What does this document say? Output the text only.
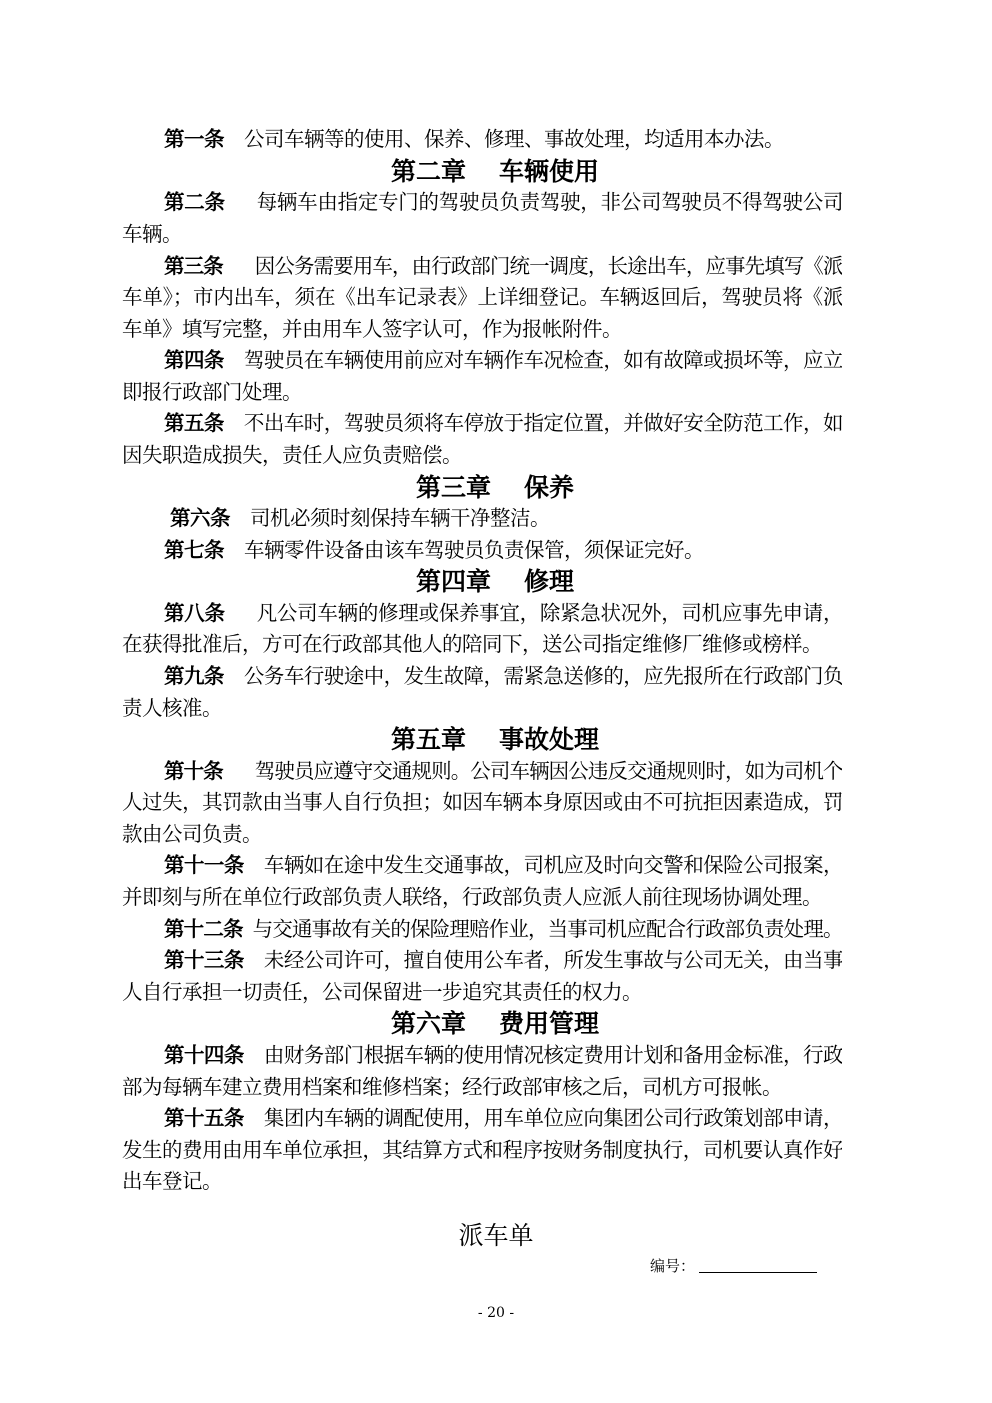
第一条 公司车辆等的使用、保养、修理、事故处理，均适用本办法。
第二章 车辆使用
第二条 每辆车由指定专门的驾驶员负责驾驶，非公司驾驶员不得驾驶公司
车辆。
第三条 因公务需要用车，由行政部门统一调度，长途出车，应事先填写《派
车单》；市内出车，须在《出车记录表》上详细登记。车辆返回后，驾驶员将《派
车单》填写完整，并由用车人签字认可，作为报帐附件。
第四条 驾驶员在车辆使用前应对车辆作车况检查，如有故障或损坏等，应立
即报行政部门处理。
第五条 不出车时，驾驶员须将车停放于指定位置，并做好安全防范工作，如
因失职造成损失，责任人应负责赔偿。
第三章 保养
第六条 司机必须时刻保持车辆干净整洁。
第七条 车辆零件设备由该车驾驶员负责保管，须保证完好。
第四章 修理
第八条 凡公司车辆的修理或保养事宜，除紧急状况外，司机应事先申请，
在获得批准后，方可在行政部其他人的陪同下，送公司指定维修厂维修或榜样。
第九条 公务车行驶途中，发生故障，需紧急送修的，应先报所在行政部门负
责人核准。
第五章 事故处理
第十条 驾驶员应遵守交通规则。公司车辆因公违反交通规则时，如为司机个
人过失，其罚款由当事人自行负担；如因车辆本身原因或由不可抗拒因素造成，罚
款由公司负责。
第十一条 车辆如在途中发生交通事故，司机应及时向交警和保险公司报案，
并即刻与所在单位行政部负责人联络，行政部负责人应派人前往现场协调处理。
第十二条 与交通事故有关的保险理赔作业，当事司机应配合行政部负责处理。
第十三条 未经公司许可，擅自使用公车者，所发生事故与公司无关，由当事
人自行承担一切责任，公司保留进一步追究其责任的权力。
第六章 费用管理
第十四条 由财务部门根据车辆的使用情况核定费用计划和备用金标准，行政
部为每辆车建立费用档案和维修档案；经行政部审核之后，司机方可报帐。
第十五条 集团内车辆的调配使用，用车单位应向集团公司行政策划部申请，
发生的费用由用车单位承担，其结算方式和程序按财务制度执行，司机要认真作好
出车登记。
派车单
编号：
- 20 -
